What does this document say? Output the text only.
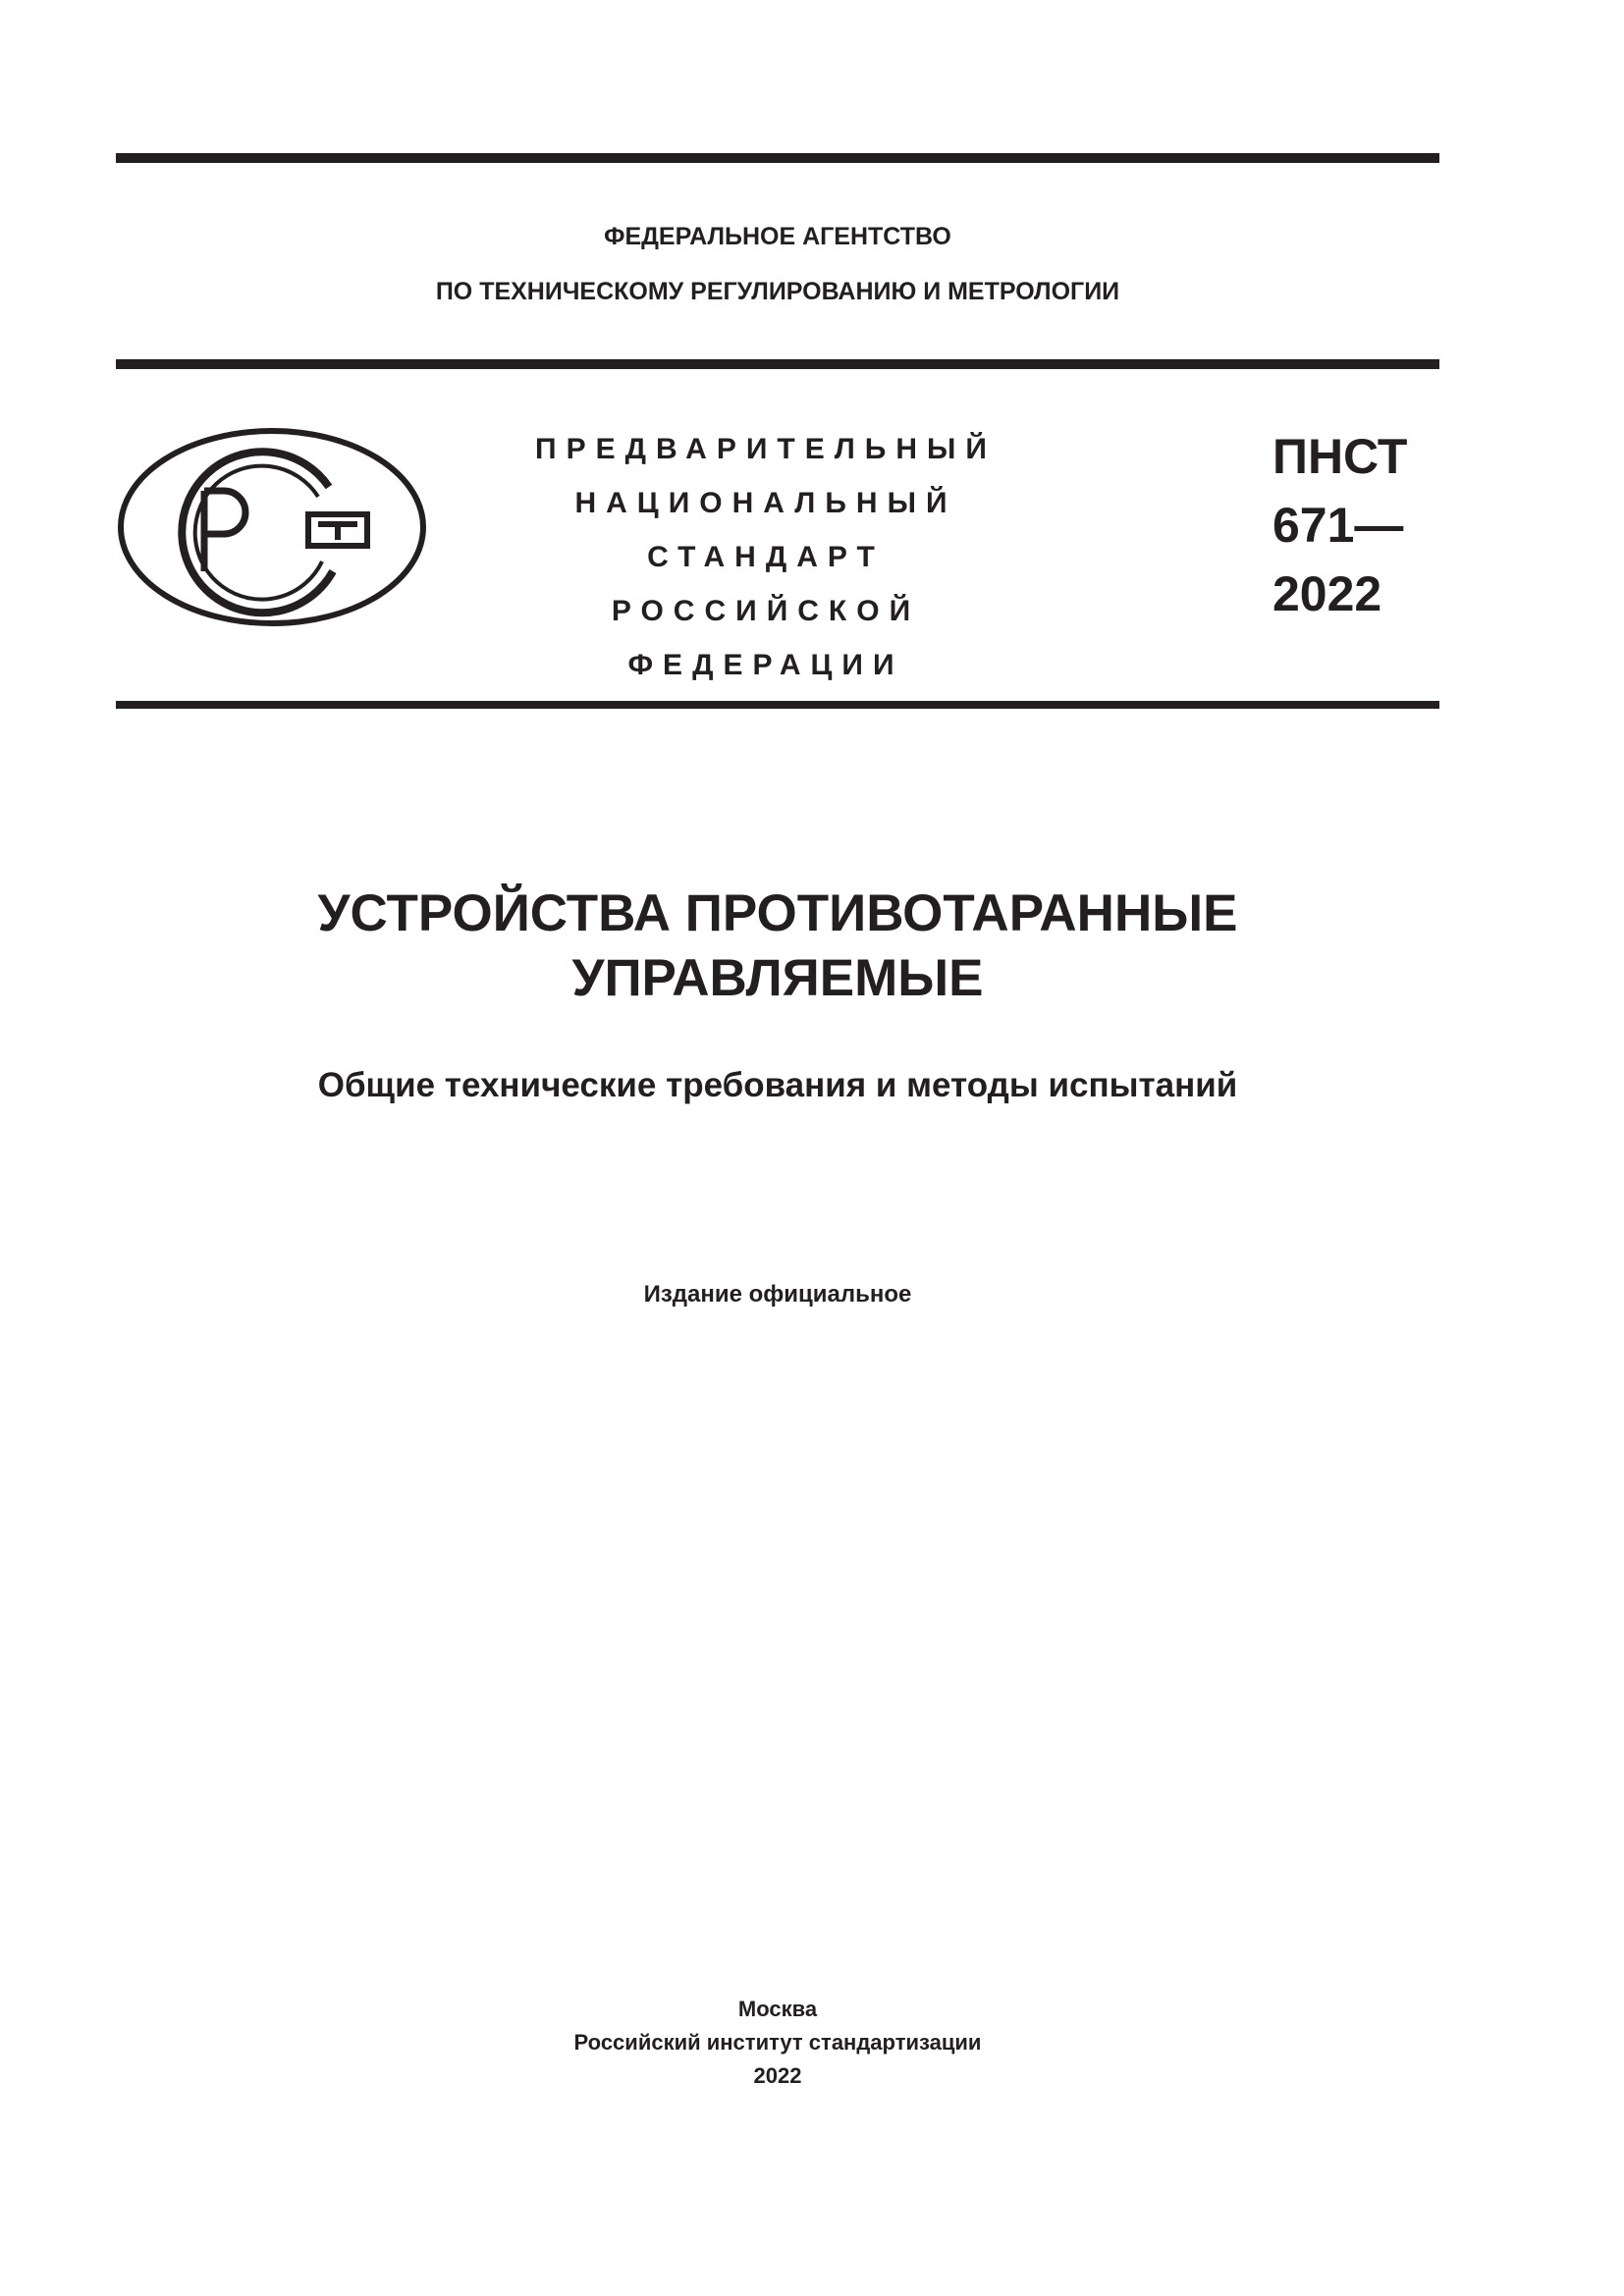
ФЕДЕРАЛЬНОЕ АГЕНТСТВО
ПО ТЕХНИЧЕСКОМУ РЕГУЛИРОВАНИЮ И МЕТРОЛОГИИ
ПРЕДВАРИТЕЛЬНЫЙ
НАЦИОНАЛЬНЫЙ
СТАНДАРТ
РОССИЙСКОЙ
ФЕДЕРАЦИИ
ПНСТ
671—
2022
УСТРОЙСТВА ПРОТИВОТАРАННЫЕ
УПРАВЛЯЕМЫЕ
Общие технические требования и методы испытаний
Издание официальное
Москва
Российский институт стандартизации
2022
